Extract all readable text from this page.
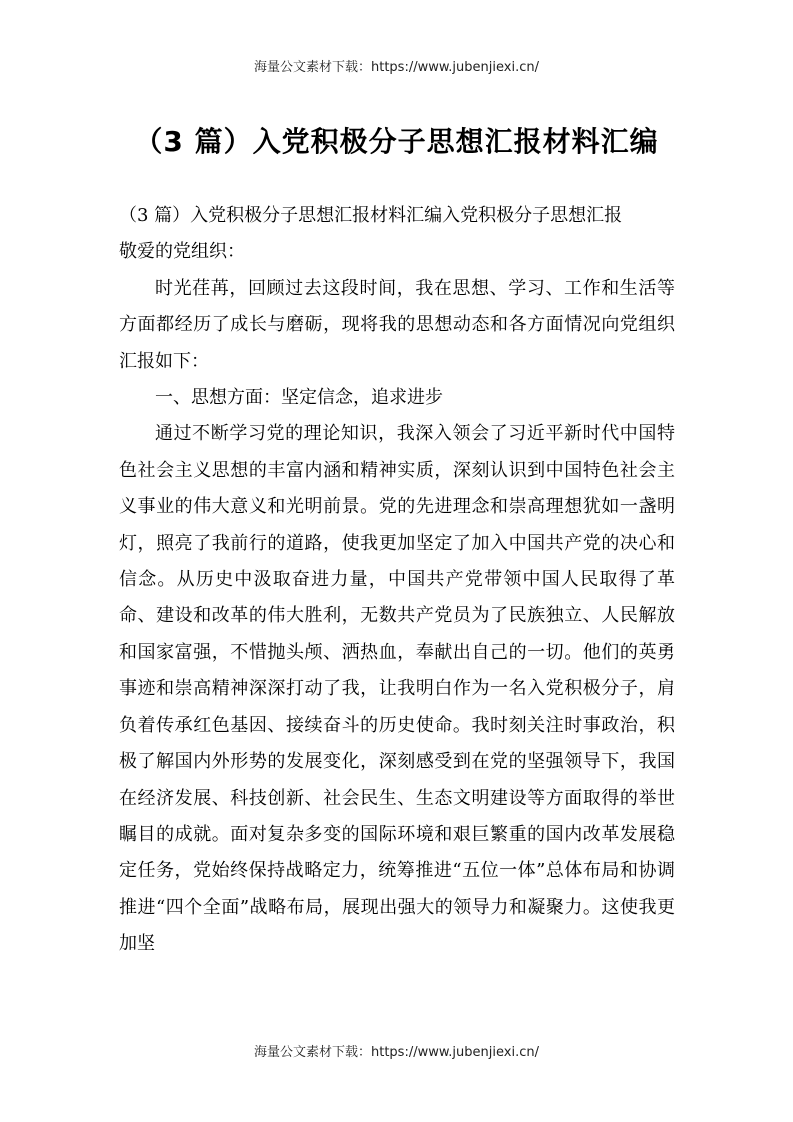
海量公文素材下载：https://www.jubenjiexi.cn/
（3 篇）入党积极分子思想汇报材料汇编

（3 篇）入党积极分子思想汇报材料汇编入党积极分子思想汇报

敬爱的党组织：

时光荏苒，回顾过去这段时间，我在思想、学习、工作和生活等方面都经历了成长与磨砺，现将我的思想动态和各方面情况向党组织汇报如下：

一、思想方面：坚定信念，追求进步

通过不断学习党的理论知识，我深入领会了习近平新时代中国特色社会主义思想的丰富内涵和精神实质，深刻认识到中国特色社会主义事业的伟大意义和光明前景。党的先进理念和崇高理想犹如一盏明灯，照亮了我前行的道路，使我更加坚定了加入中国共产党的决心和信念。从历史中汲取奋进力量，中国共产党带领中国人民取得了革命、建设和改革的伟大胜利，无数共产党员为了民族独立、人民解放和国家富强，不惜抛头颅、洒热血，奉献出自己的一切。他们的英勇事迹和崇高精神深深打动了我，让我明白作为一名入党积极分子，肩负着传承红色基因、接续奋斗的历史使命。我时刻关注时事政治，积极了解国内外形势的发展变化，深刻感受到在党的坚强领导下，我国在经济发展、科技创新、社会民生、生态文明建设等方面取得的举世瞩目的成就。面对复杂多变的国际环境和艰巨繁重的国内改革发展稳定任务，党始终保持战略定力，统筹推进“五位一体”总体布局和协调推进“四个全面”战略布局，展现出强大的领导力和凝聚力。这使我更加坚

海量公文素材下载：https://www.jubenjiexi.cn/
